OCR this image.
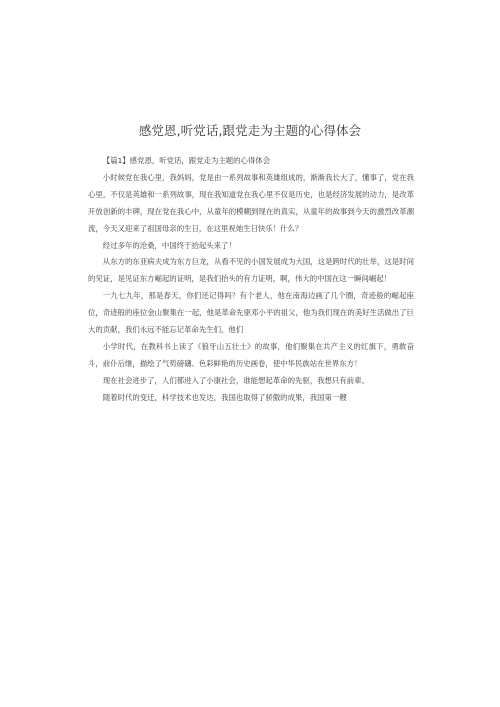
感党恩,听党话,跟党走为主题的心得体会

【篇1】感党恩，听党话，跟党走为主题的心得体会

小时候党在我心里，我妈妈，党是由一系列故事和英雄组成的，渐渐我长大了，懂事了，党在我心里，不仅是英雄和一系列故事，现在我知道党在我心里不仅是历史，也是经济发展的动力，是改革开放创新的丰碑，现在党在我心中，从童年的模糊到现在的真实，从童年的故事到今天的激烈改革潮流，今天又迎来了祖国母亲的生日，在这里祝她生日快乐！什么？

经过多年的沧桑，中国终于抬起头来了！

从东方的东亚病夫成为东方巨龙，从看不见的小国发展成为大国，这是跨时代的壮举，这是时间的见证，是见证东方崛起的证明，是我们抬头的有力证明，啊，伟大的中国在这一瞬间崛起！

一九七九年，那是春天，你们还记得吗？有个老人，他在南海边画了几个圈，奇迹般的崛起座位，奇迹般的座位金山聚集在一起，他是革命先驱邓小平的祖父，他为我们现在的美好生活做出了巨大的贡献，我们永远不能忘记革命先生们，他们

小学时代，在教科书上读了《狼牙山五壮士》的故事，他们聚集在共产主义的红旗下，勇敢奋斗，前仆后继，描绘了气势磅礴、色彩鲜艳的历史画卷，使中华民族站在世界东方！

现在社会进步了，人们都进入了小康社会，谁能想起革命的先驱，我想只有前辈。

随着时代的变迁，科学技术也发达，我国也取得了骄傲的成果，我国第一艘
